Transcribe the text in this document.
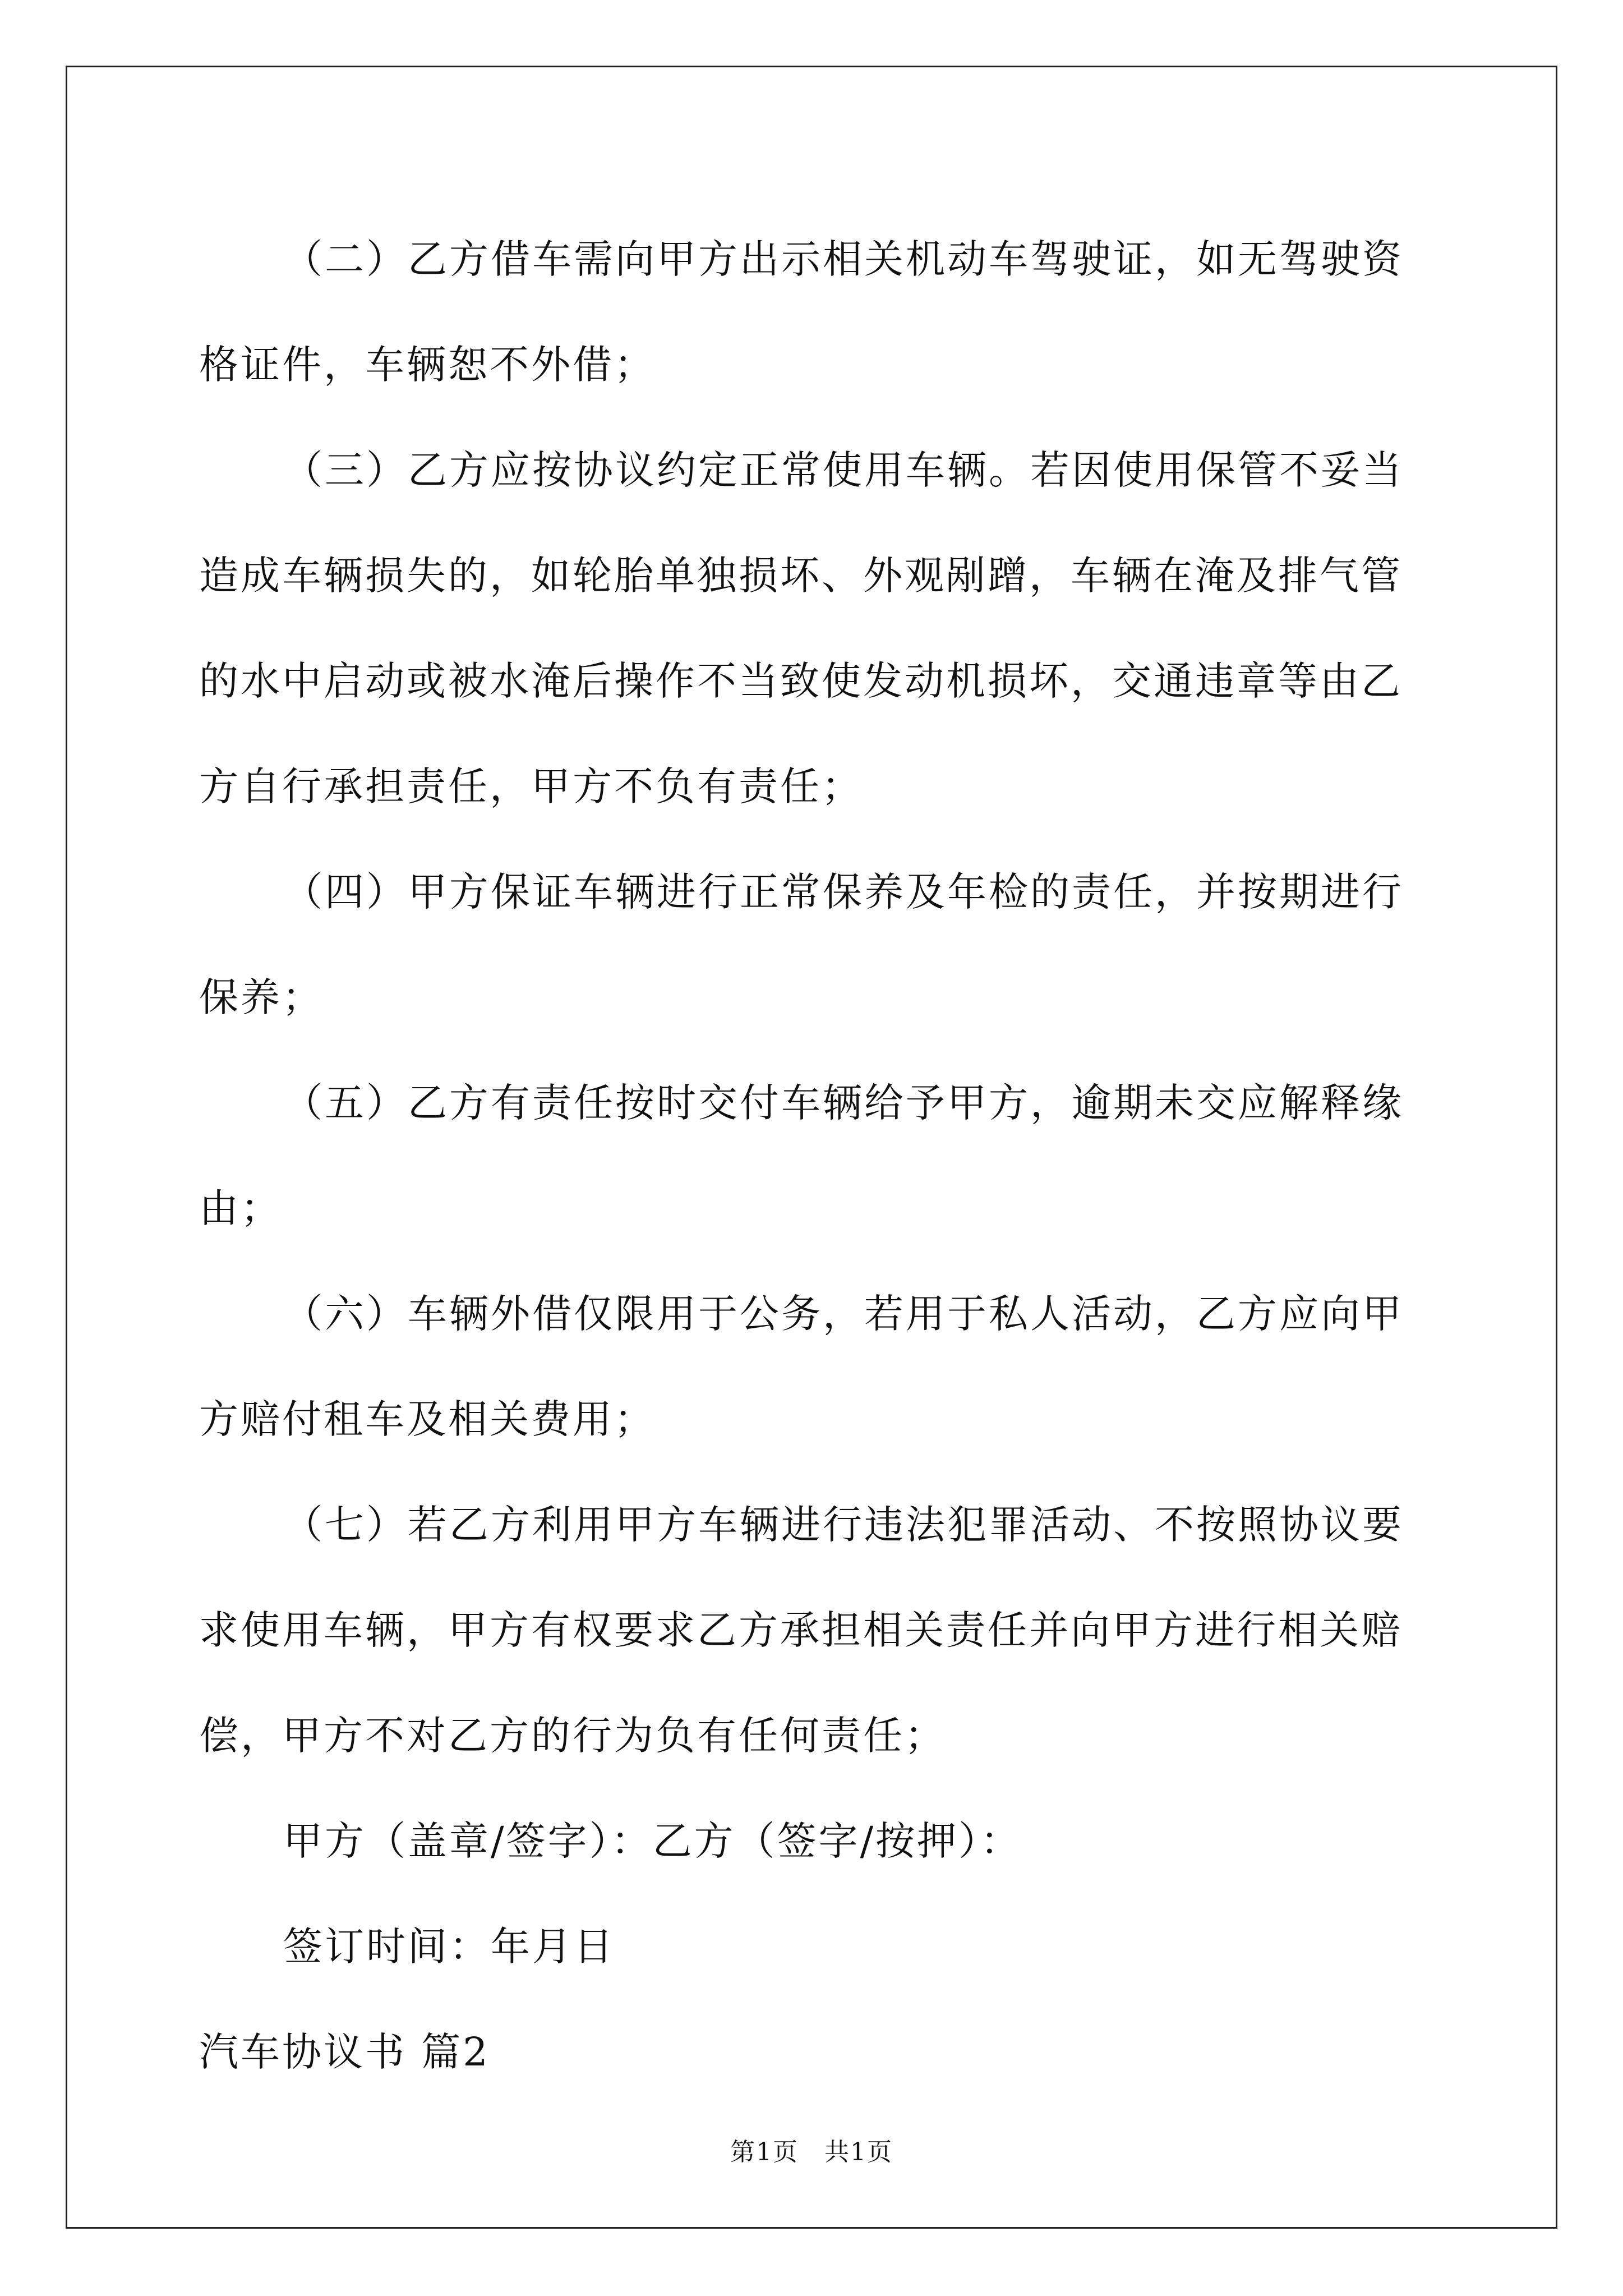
（二）乙方借车需向甲方出示相关机动车驾驶证，如无驾驶资格证件，车辆恕不外借；

（三）乙方应按协议约定正常使用车辆。若因使用保管不妥当造成车辆损失的，如轮胎单独损坏、外观剐蹭，车辆在淹及排气管的水中启动或被水淹后操作不当致使发动机损坏，交通违章等由乙方自行承担责任，甲方不负有责任；

（四）甲方保证车辆进行正常保养及年检的责任，并按期进行保养；

（五）乙方有责任按时交付车辆给予甲方，逾期未交应解释缘由；

（六）车辆外借仅限用于公务，若用于私人活动，乙方应向甲方赔付租车及相关费用；

（七）若乙方利用甲方车辆进行违法犯罪活动、不按照协议要求使用车辆，甲方有权要求乙方承担相关责任并向甲方进行相关赔偿，甲方不对乙方的行为负有任何责任；

甲方（盖章/签字）：乙方（签字/按押）：

签订时间：年月日

汽车协议书 篇2

第1页　共1页
